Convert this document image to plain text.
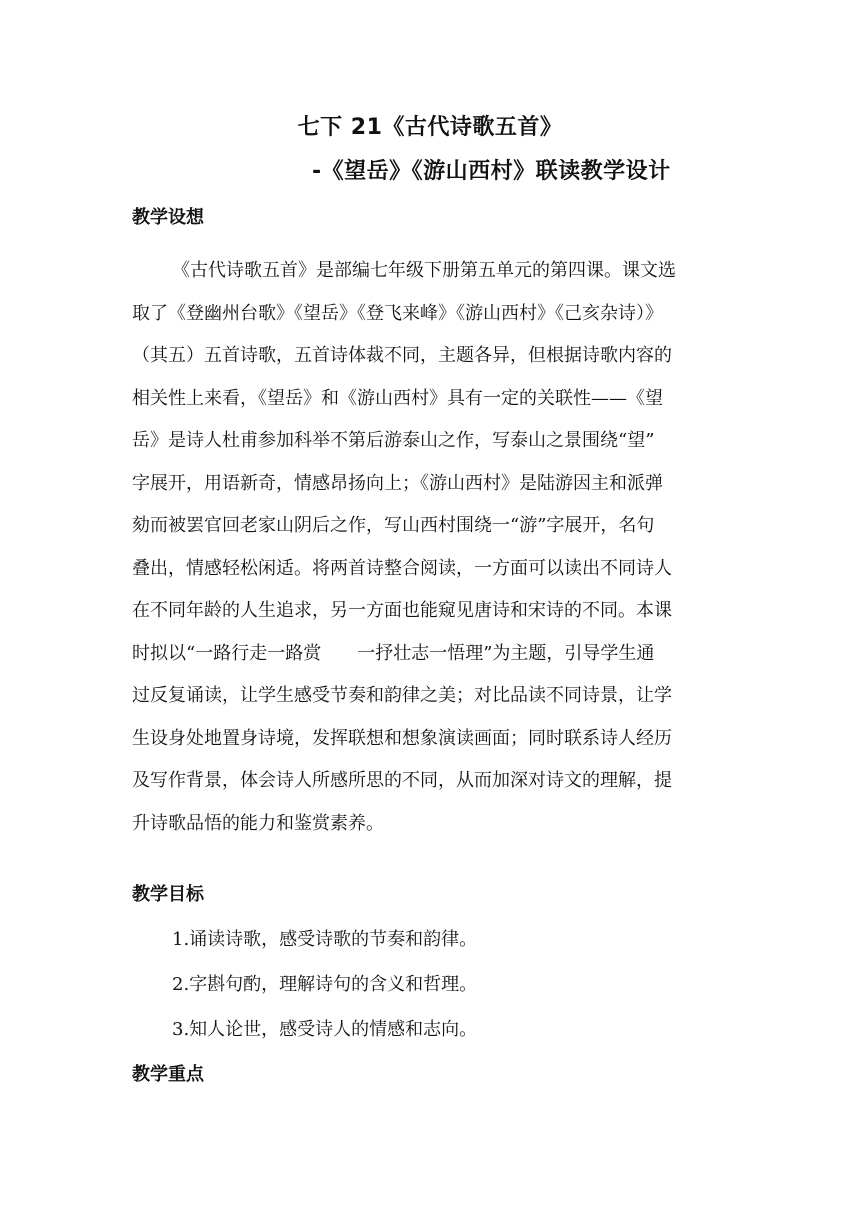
七下 21《古代诗歌五首》
-《望岳》《游山西村》联读教学设计
教学设想
《古代诗歌五首》是部编七年级下册第五单元的第四课。课文选
取了《登幽州台歌》《望岳》《登飞来峰》《游山西村》《己亥杂诗）》
（其五）五首诗歌，五首诗体裁不同，主题各异，但根据诗歌内容的
相关性上来看，《望岳》和《游山西村》具有一定的关联性——《望
岳》是诗人杜甫参加科举不第后游泰山之作，写泰山之景围绕“望”
字展开，用语新奇，情感昂扬向上；《游山西村》是陆游因主和派弹
劾而被罢官回老家山阴后之作，写山西村围绕一“游”字展开，名句
叠出，情感轻松闲适。将两首诗整合阅读，一方面可以读出不同诗人
在不同年龄的人生追求，另一方面也能窥见唐诗和宋诗的不同。本课
时拟以“一路行走一路赏　　一抒壮志一悟理”为主题，引导学生通
过反复诵读，让学生感受节奏和韵律之美；对比品读不同诗景，让学
生设身处地置身诗境，发挥联想和想象演读画面；同时联系诗人经历
及写作背景，体会诗人所感所思的不同，从而加深对诗文的理解，提
升诗歌品悟的能力和鉴赏素养。
教学目标
1.诵读诗歌，感受诗歌的节奏和韵律。
2.字斟句酌，理解诗句的含义和哲理。
3.知人论世，感受诗人的情感和志向。
教学重点
